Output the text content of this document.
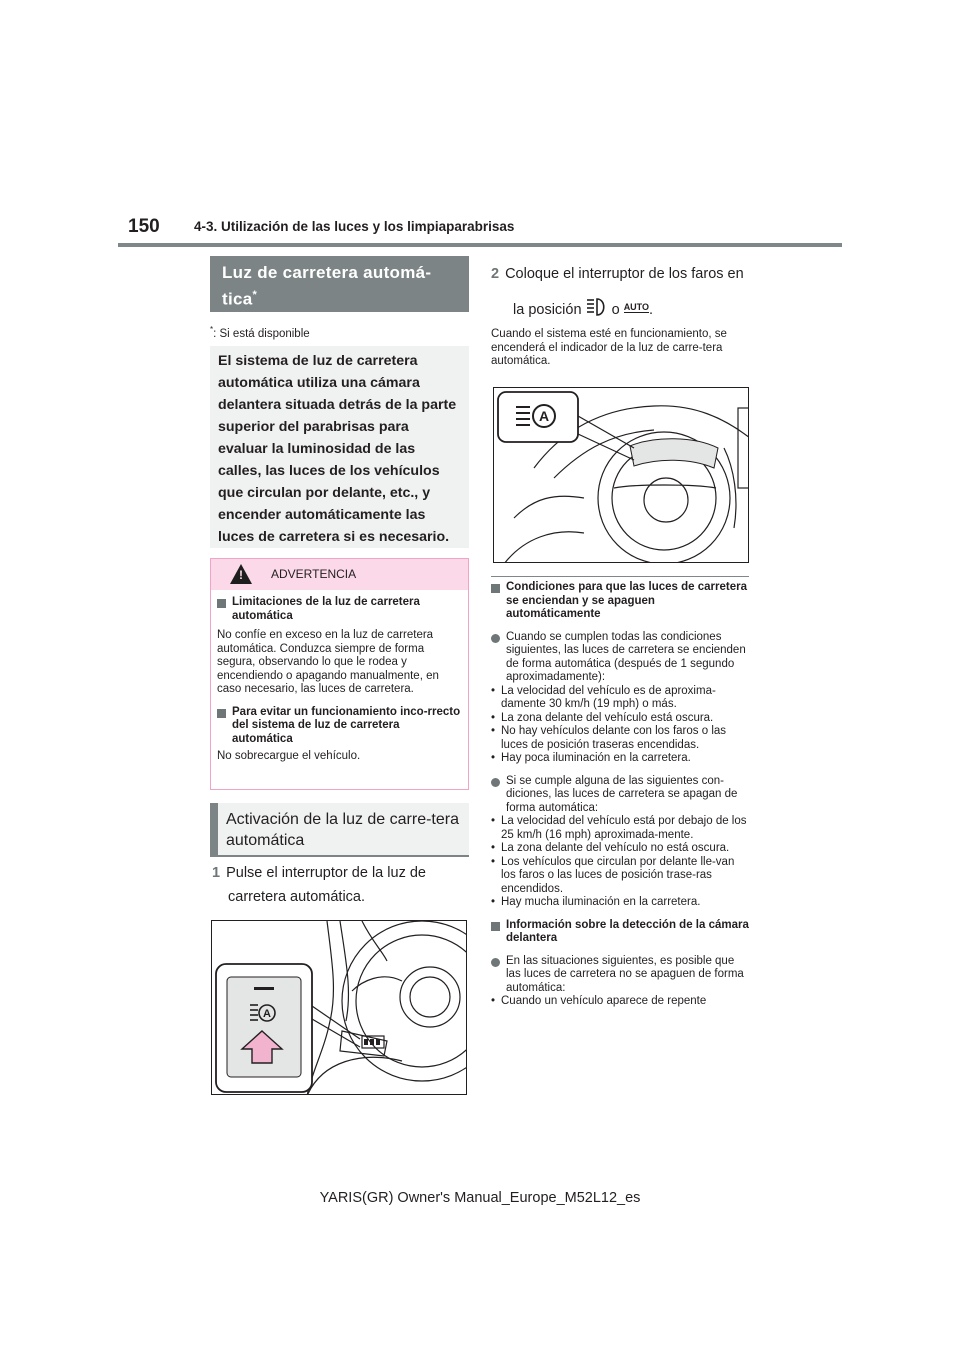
150	4-3. Utilización de las luces y los limpiaparabrisas
Luz de carretera automá-tica*
*: Si está disponible
El sistema de luz de carretera automática utiliza una cámara delantera situada detrás de la parte superior del parabrisas para evaluar la luminosidad de las calles, las luces de los vehículos que circulan por delante, etc., y encender automáticamente las luces de carretera si es necesario.
! ADVERTENCIA
Limitaciones de la luz de carretera automática
No confíe en exceso en la luz de carretera automática. Conduzca siempre de forma segura, observando lo que le rodea y encendiendo o apagando manualmente, en caso necesario, las luces de carretera.
Para evitar un funcionamiento inco-rrecto del sistema de luz de carretera automática
No sobrecargue el vehículo.
Activación de la luz de carre-tera automática
1 Pulse el interruptor de la luz de carretera automática.
A
2 Coloque el interruptor de los faros en la posición o $^{AUTO}$.
Cuando el sistema esté en funcionamiento, se encenderá el indicador de la luz de carre-tera automática.
A
Condiciones para que las luces de carretera se enciendan y se apaguen automáticamente
Cuando se cumplen todas las condiciones siguientes, las luces de carretera se encienden de forma automática (después de 1 segundo aproximadamente):
• La velocidad del vehículo es de aproxima-damente 30 km/h (19 mph) o más.
• La zona delante del vehículo está oscura.
• No hay vehículos delante con los faros o las luces de posición traseras encendidas.
• Hay poca iluminación en la carretera.
Si se cumple alguna de las siguientes con-diciones, las luces de carretera se apagan de forma automática:
• La velocidad del vehículo está por debajo de los 25 km/h (16 mph) aproximada-mente.
• La zona delante del vehículo no está oscura.
• Los vehículos que circulan por delante lle-van los faros o las luces de posición trase-ras encendidos.
• Hay mucha iluminación en la carretera.
Información sobre la detección de la cámara delantera
En las situaciones siguientes, es posible que las luces de carretera no se apaguen de forma automática:
• Cuando un vehículo aparece de repente
YARIS(GR) Owner's Manual_Europe_M52L12_es
